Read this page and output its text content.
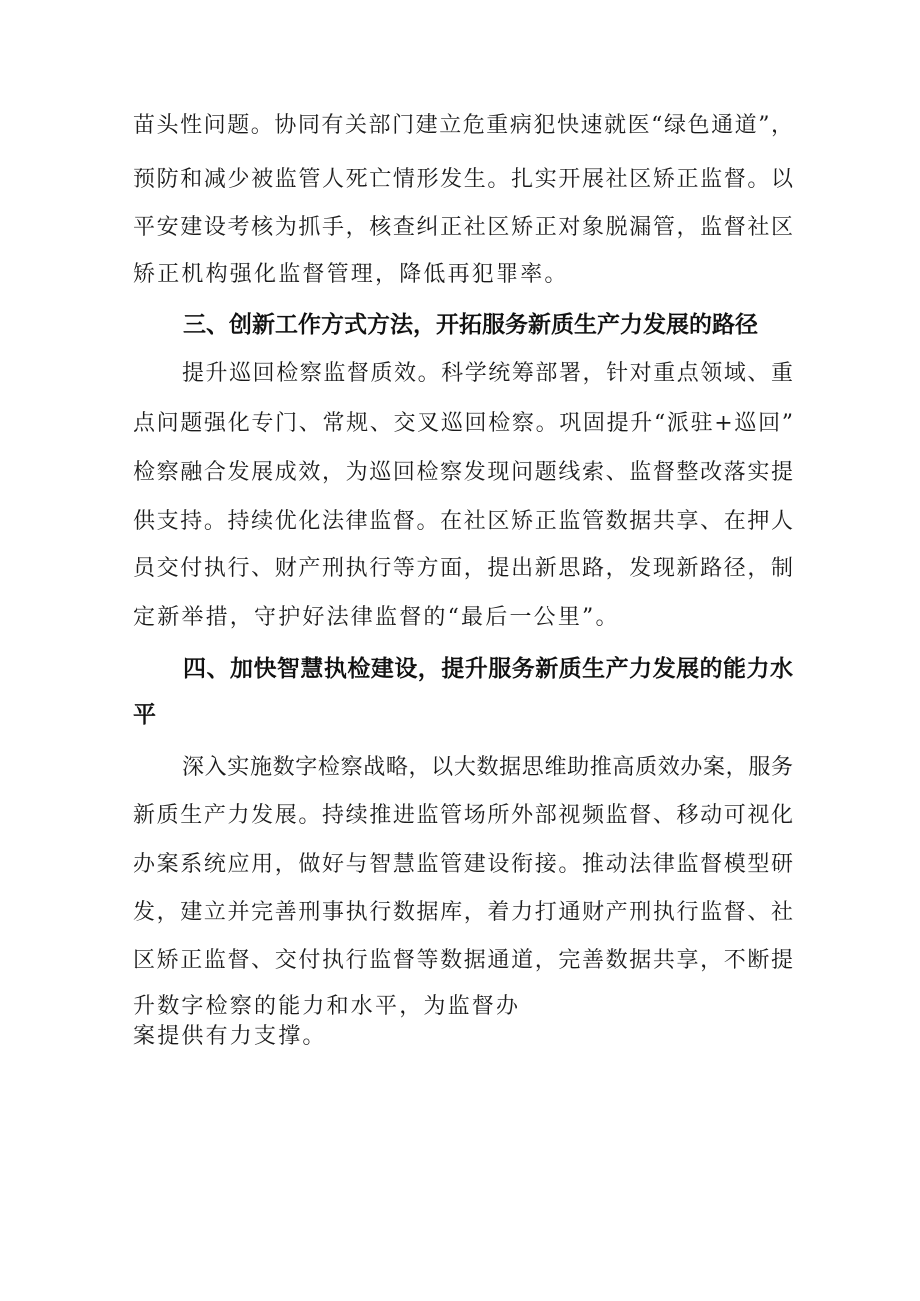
苗头性问题。协同有关部门建立危重病犯快速就医“绿色通道”，
预防和减少被监管人死亡情形发生。扎实开展社区矫正监督。以
平安建设考核为抓手，核查纠正社区矫正对象脱漏管，监督社区
矫正机构强化监督管理，降低再犯罪率。
三、创新工作方式方法，开拓服务新质生产力发展的路径
提升巡回检察监督质效。科学统筹部署，针对重点领域、重
点问题强化专门、常规、交叉巡回检察。巩固提升“派驻+巡回”
检察融合发展成效，为巡回检察发现问题线索、监督整改落实提
供支持。持续优化法律监督。在社区矫正监管数据共享、在押人
员交付执行、财产刑执行等方面，提出新思路，发现新路径，制
定新举措，守护好法律监督的“最后一公里”。
四、加快智慧执检建设，提升服务新质生产力发展的能力水
平
深入实施数字检察战略，以大数据思维助推高质效办案，服务
新质生产力发展。持续推进监管场所外部视频监督、移动可视化
办案系统应用，做好与智慧监管建设衔接。推动法律监督模型研
发，建立并完善刑事执行数据库，着力打通财产刑执行监督、社
区矫正监督、交付执行监督等数据通道，完善数据共享，不断提
升数字检察的能力和水平，为监督办
案提供有力支撑。
